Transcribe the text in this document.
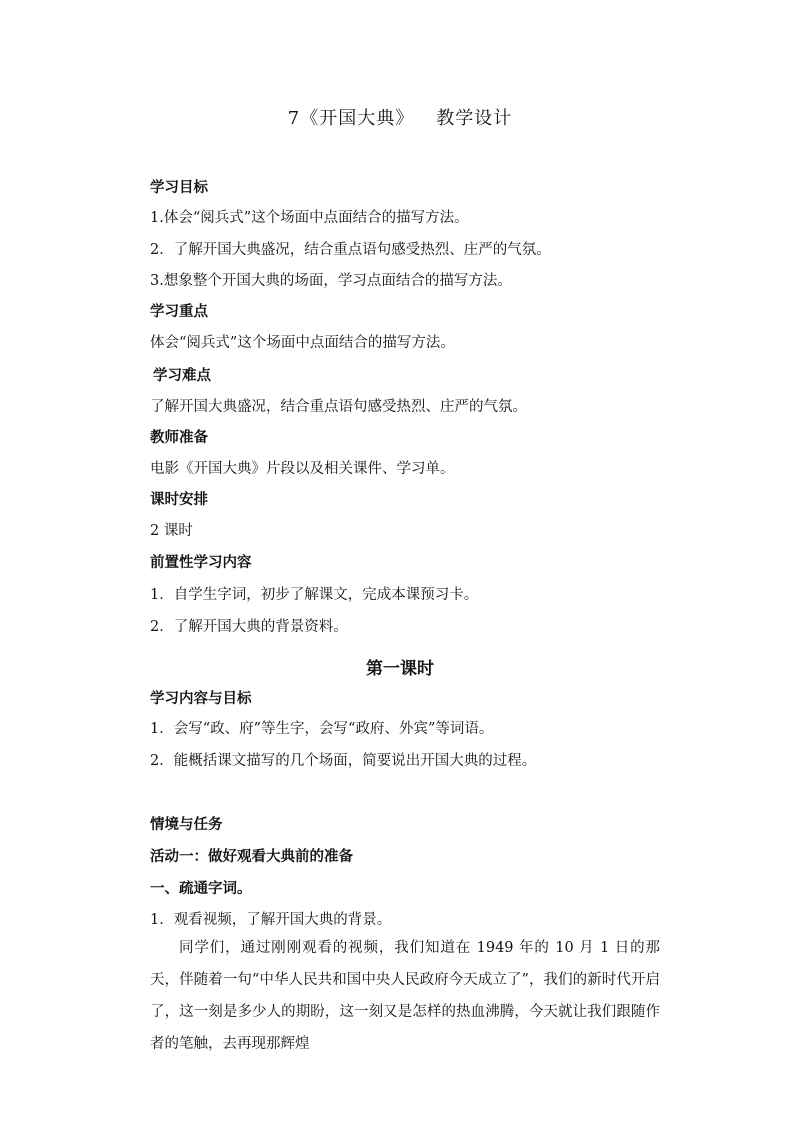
7《开国大典》 教学设计
学习目标
1.体会“阅兵式”这个场面中点面结合的描写方法。
2．了解开国大典盛况，结合重点语句感受热烈、庄严的气氛。
3.想象整个开国大典的场面，学习点面结合的描写方法。
学习重点
体会“阅兵式”这个场面中点面结合的描写方法。
学习难点
了解开国大典盛况，结合重点语句感受热烈、庄严的气氛。
教师准备
电影《开国大典》片段以及相关课件、学习单。
课时安排
2 课时
前置性学习内容
1．自学生字词，初步了解课文，完成本课预习卡。
2．了解开国大典的背景资料。
第一课时
学习内容与目标
1．会写“政、府”等生字，会写“政府、外宾”等词语。
2．能概括课文描写的几个场面，简要说出开国大典的过程。
情境与任务
活动一：做好观看大典前的准备
一、疏通字词。
1．观看视频，了解开国大典的背景。
同学们，通过刚刚观看的视频，我们知道在 1949 年的 10 月 1 日的那天，伴随着一句“中华人民共和国中央人民政府今天成立了”，我们的新时代开启了，这一刻是多少人的期盼，这一刻又是怎样的热血沸腾，今天就让我们跟随作者的笔触，去再现那辉煌
